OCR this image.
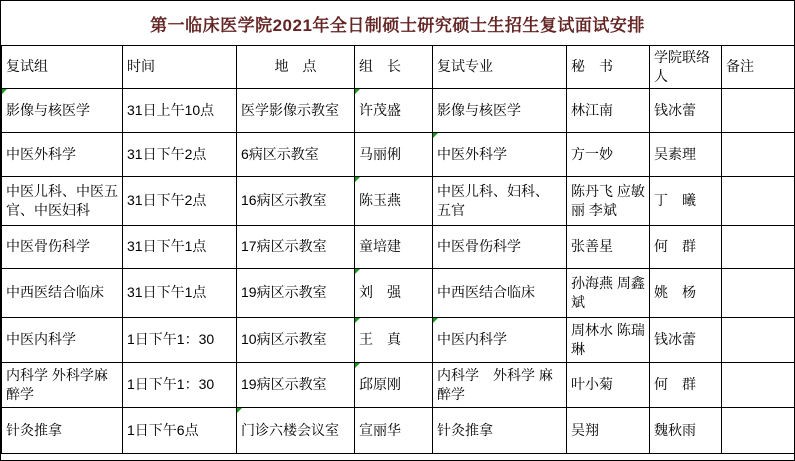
第一临床医学院2021年全日制硕士研究硕士生招生复试面试安排
复试组	时间	地　点	组　长	复试专业	秘　书	学院联络人	备注
影像与核医学	31日上午10点	医学影像示教室	许茂盛	影像与核医学	林江南	钱冰蕾	
中医外科学	31日下午2点	6病区示教室	马丽俐	中医外科学	方一妙	吴素理	
中医儿科、中医五官、中医妇科	31日下午2点	16病区示教室	陈玉燕	中医儿科、妇科、五官	陈丹飞 应敏丽 李斌	丁　曦	
中医骨伤科学	31日下午1点	17病区示教室	童培建	中医骨伤科学	张善星	何　群	
中西医结合临床	31日下午1点	19病区示教室	刘　强	中西医结合临床	孙海燕 周鑫斌	姚　杨	
中医内科学	1日下午1：30	10病区示教室	王　真	中医内科学	周林水 陈瑞琳	钱冰蕾	
内科学 外科学麻醉学	1日下午1：30	19病区示教室	邱原刚	内科学　外科学 麻醉学	叶小菊	何　群	
针灸推拿	1日下午6点	门诊六楼会议室	宣丽华	针灸推拿	吴翔	魏秋雨	
